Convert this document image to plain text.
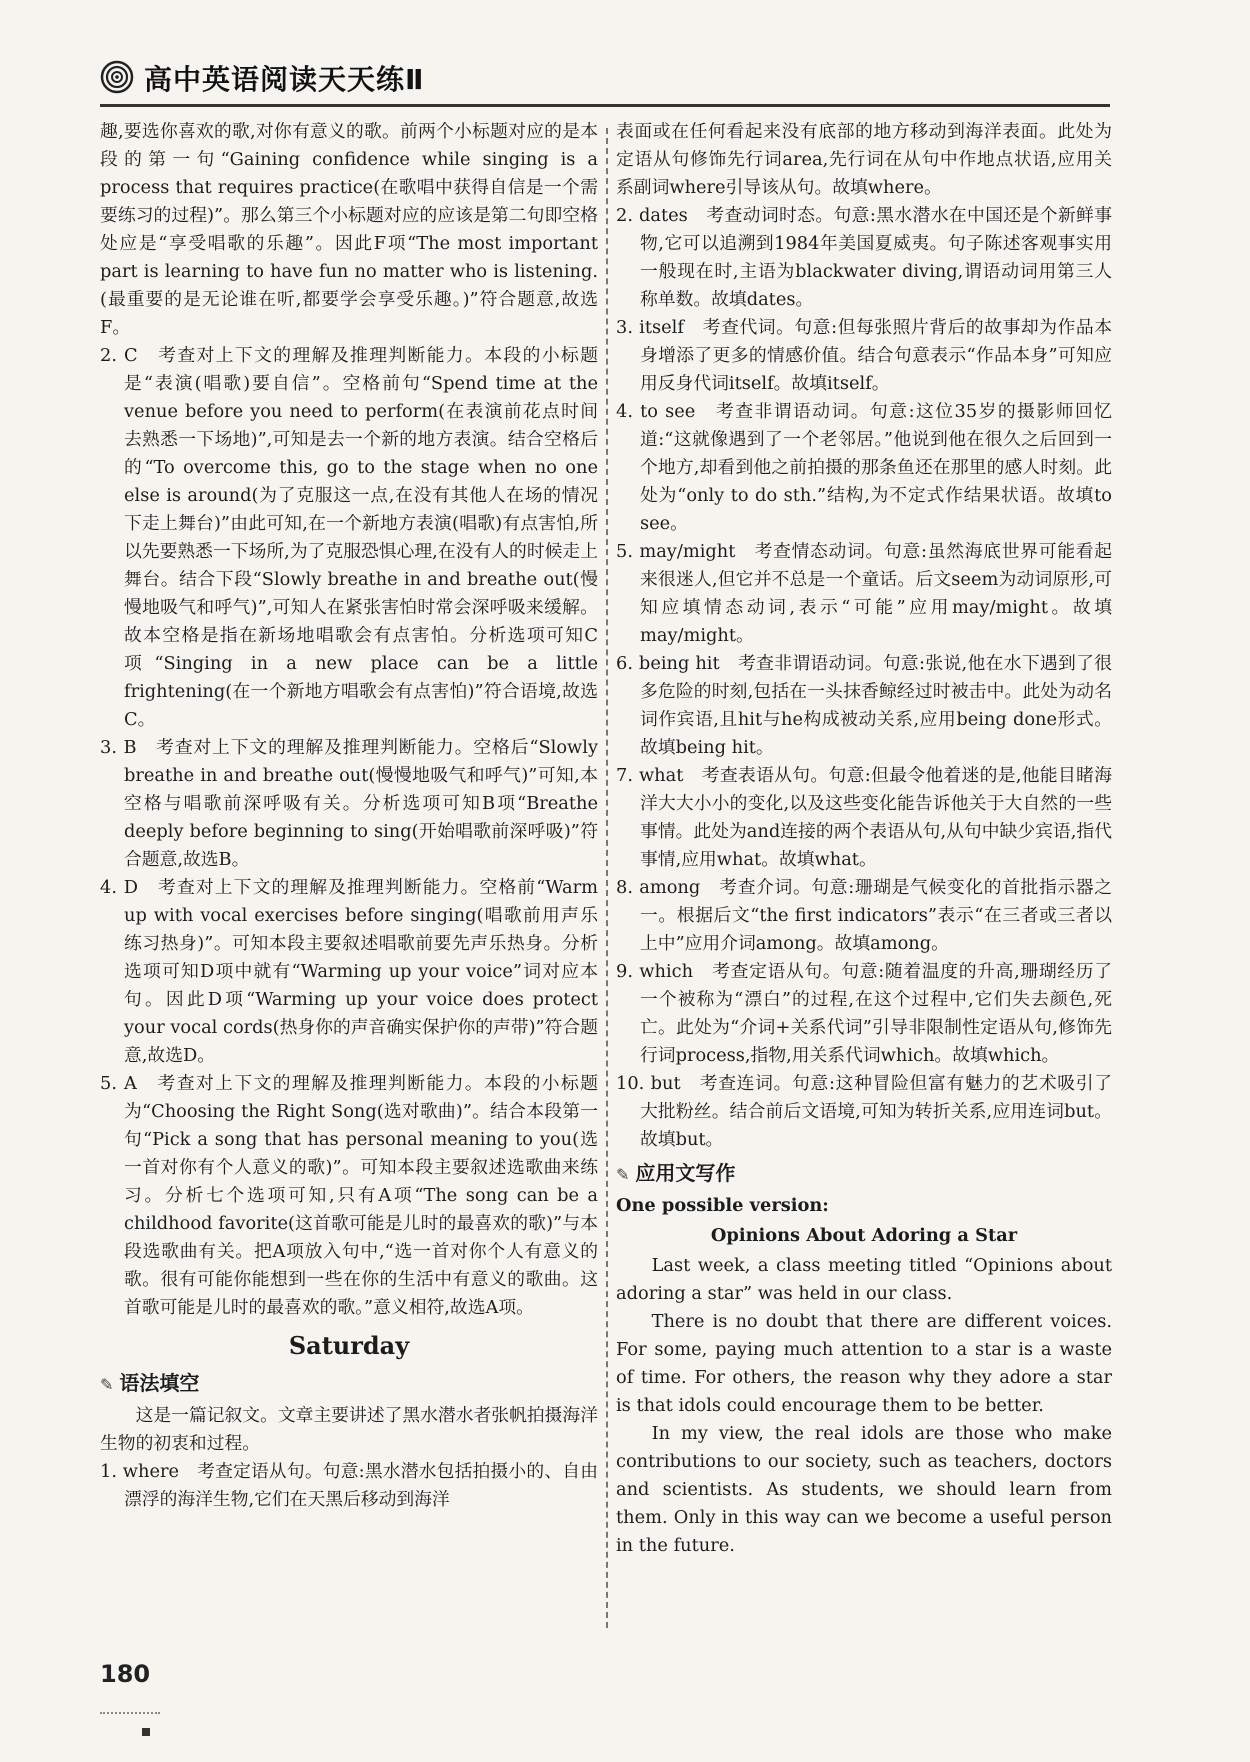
高中英语阅读天天练Ⅱ

趣,要选你喜欢的歌,对你有意义的歌。前两个小标题对应的是本段的第一句“Gaining confidence while singing is a process that requires practice(在歌唱中获得自信是一个需要练习的过程)”。那么第三个小标题对应的应该是第二句即空格处应是“享受唱歌的乐趣”。因此F项“The most important part is learning to have fun no matter who is listening.(最重要的是无论谁在听,都要学会享受乐趣。)”符合题意,故选F。

2. C　考查对上下文的理解及推理判断能力。本段的小标题是“表演(唱歌)要自信”。空格前句“Spend time at the venue before you need to perform(在表演前花点时间去熟悉一下场地)”,可知是去一个新的地方表演。结合空格后的“To overcome this, go to the stage when no one else is around(为了克服这一点,在没有其他人在场的情况下走上舞台)”由此可知,在一个新地方表演(唱歌)有点害怕,所以先要熟悉一下场所,为了克服恐惧心理,在没有人的时候走上舞台。结合下段“Slowly breathe in and breathe out(慢慢地吸气和呼气)”,可知人在紧张害怕时常会深呼吸来缓解。故本空格是指在新场地唱歌会有点害怕。分析选项可知C项“Singing in a new place can be a little frightening(在一个新地方唱歌会有点害怕)”符合语境,故选C。

3. B　考查对上下文的理解及推理判断能力。空格后“Slowly breathe in and breathe out(慢慢地吸气和呼气)”可知,本空格与唱歌前深呼吸有关。分析选项可知B项“Breathe deeply before beginning to sing(开始唱歌前深呼吸)”符合题意,故选B。

4. D　考查对上下文的理解及推理判断能力。空格前“Warm up with vocal exercises before singing(唱歌前用声乐练习热身)”。可知本段主要叙述唱歌前要先声乐热身。分析选项可知D项中就有“Warming up your voice”词对应本句。因此D项“Warming up your voice does protect your vocal cords(热身你的声音确实保护你的声带)”符合题意,故选D。

5. A　考查对上下文的理解及推理判断能力。本段的小标题为“Choosing the Right Song(选对歌曲)”。结合本段第一句“Pick a song that has personal meaning to you(选一首对你有个人意义的歌)”。可知本段主要叙述选歌曲来练习。分析七个选项可知,只有A项“The song can be a childhood favorite(这首歌可能是儿时的最喜欢的歌)”与本段选歌曲有关。把A项放入句中,“选一首对你个人有意义的歌。很有可能你能想到一些在你的生活中有意义的歌曲。这首歌可能是儿时的最喜欢的歌。”意义相符,故选A项。

Saturday
✎ 语法填空

这是一篇记叙文。文章主要讲述了黑水潜水者张帆拍摄海洋生物的初衷和过程。

1. where　考查定语从句。句意:黑水潜水包括拍摄小的、自由漂浮的海洋生物,它们在天黑后移动到海洋

表面或在任何看起来没有底部的地方移动到海洋表面。此处为定语从句修饰先行词area,先行词在从句中作地点状语,应用关系副词where引导该从句。故填where。

2. dates　考查动词时态。句意:黑水潜水在中国还是个新鲜事物,它可以追溯到1984年美国夏威夷。句子陈述客观事实用一般现在时,主语为blackwater diving,谓语动词用第三人称单数。故填dates。

3. itself　考查代词。句意:但每张照片背后的故事却为作品本身增添了更多的情感价值。结合句意表示“作品本身”可知应用反身代词itself。故填itself。

4. to see　考查非谓语动词。句意:这位35岁的摄影师回忆道:“这就像遇到了一个老邻居。”他说到他在很久之后回到一个地方,却看到他之前拍摄的那条鱼还在那里的感人时刻。此处为“only to do sth.”结构,为不定式作结果状语。故填to see。

5. may/might　考查情态动词。句意:虽然海底世界可能看起来很迷人,但它并不总是一个童话。后文seem为动词原形,可知应填情态动词,表示“可能”应用may/might。故填may/might。

6. being hit　考查非谓语动词。句意:张说,他在水下遇到了很多危险的时刻,包括在一头抹香鲸经过时被击中。此处为动名词作宾语,且hit与he构成被动关系,应用being done形式。故填being hit。

7. what　考查表语从句。句意:但最令他着迷的是,他能目睹海洋大大小小的变化,以及这些变化能告诉他关于大自然的一些事情。此处为and连接的两个表语从句,从句中缺少宾语,指代事情,应用what。故填what。

8. among　考查介词。句意:珊瑚是气候变化的首批指示器之一。根据后文“the first indicators”表示“在三者或三者以上中”应用介词among。故填among。

9. which　考查定语从句。句意:随着温度的升高,珊瑚经历了一个被称为“漂白”的过程,在这个过程中,它们失去颜色,死亡。此处为“介词+关系代词”引导非限制性定语从句,修饰先行词process,指物,用关系代词which。故填which。

10. but　考查连词。句意:这种冒险但富有魅力的艺术吸引了大批粉丝。结合前后文语境,可知为转折关系,应用连词but。故填but。

✎ 应用文写作

One possible version:

Opinions About Adoring a Star

Last week, a class meeting titled “Opinions about adoring a star” was held in our class.

There is no doubt that there are different voices. For some, paying much attention to a star is a waste of time. For others, the reason why they adore a star is that idols could encourage them to be better.

In my view, the real idols are those who make contributions to our society, such as teachers, doctors and scientists. As students, we should learn from them. Only in this way can we become a useful person in the future.

180
